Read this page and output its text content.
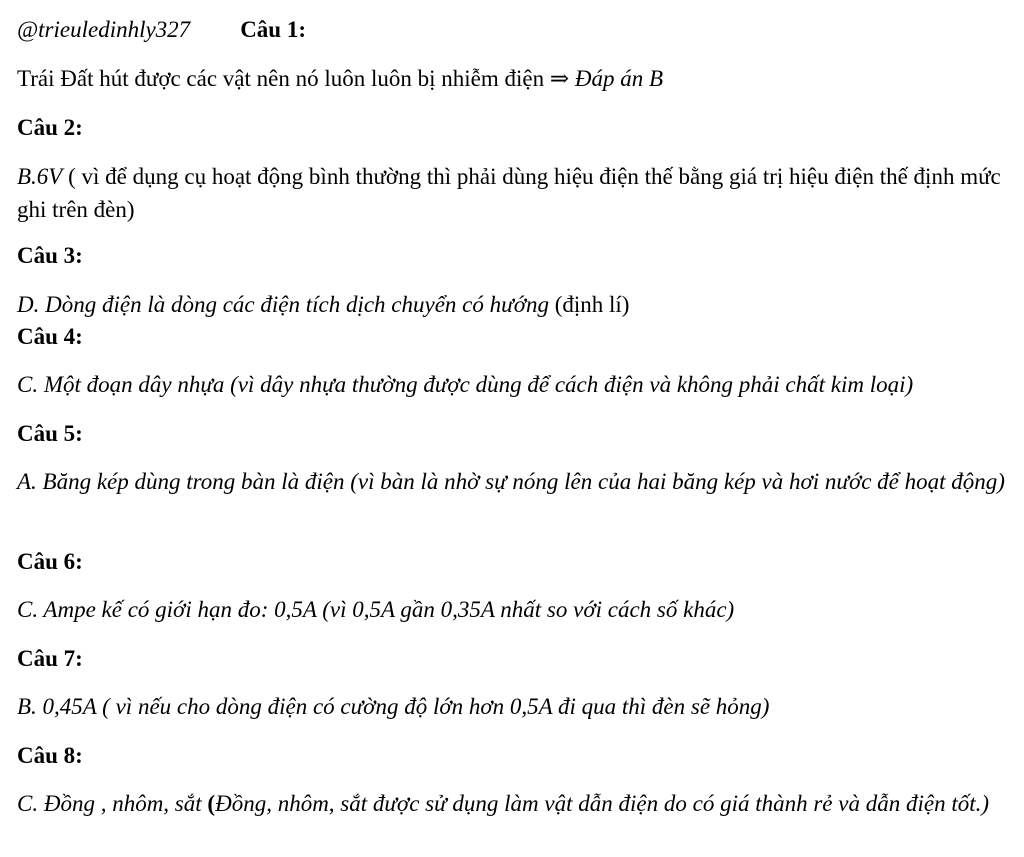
@trieuledinhly327 Câu 1:
Trái Đất hút được các vật nên nó luôn luôn bị nhiễm điện ⇒ Đáp án B
Câu 2:
B.6V ( vì để dụng cụ hoạt động bình thường thì phải dùng hiệu điện thế bằng giá trị hiệu điện thế định mức ghi trên đèn)
Câu 3:
D. Dòng điện là dòng các điện tích dịch chuyển có hướng (định lí)
Câu 4:
C. Một đoạn dây nhựa (vì dây nhựa thường được dùng để cách điện và không phải chất kim loại)
Câu 5:
A. Băng kép dùng trong bàn là điện (vì bàn là nhờ sự nóng lên của hai băng kép và hơi nước để hoạt động)
Câu 6:
C. Ampe kế có giới hạn đo: 0,5A (vì 0,5A gần 0,35A nhất so với cách số khác)
Câu 7:
B. 0,45A ( vì nếu cho dòng điện có cường độ lớn hơn 0,5A đi qua thì đèn sẽ hỏng)
Câu 8:
C. Đồng , nhôm, sắt (Đồng, nhôm, sắt được sử dụng làm vật dẫn điện do có giá thành rẻ và dẫn điện tốt.)
